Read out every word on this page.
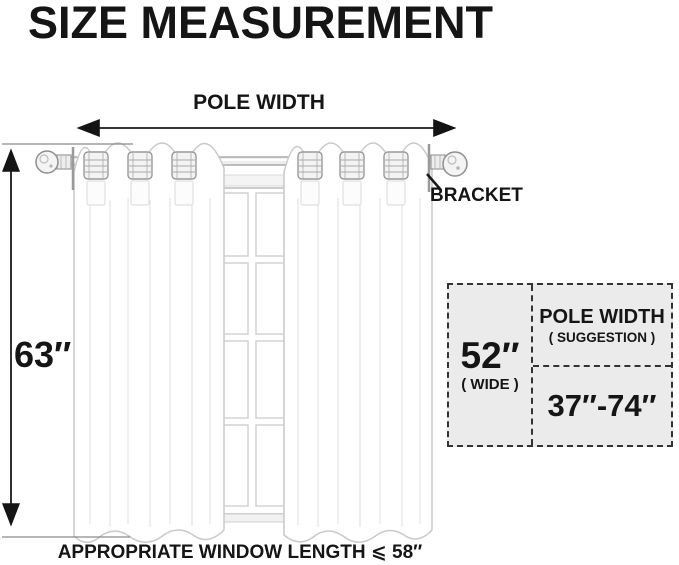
SIZE MEASUREMENT
POLE WIDTH
BRACKET
63″
APPROPRIATE WINDOW LENGTH ⩽ 58″
52″
( WIDE )
POLE WIDTH
( SUGGESTION )
37″-74″
